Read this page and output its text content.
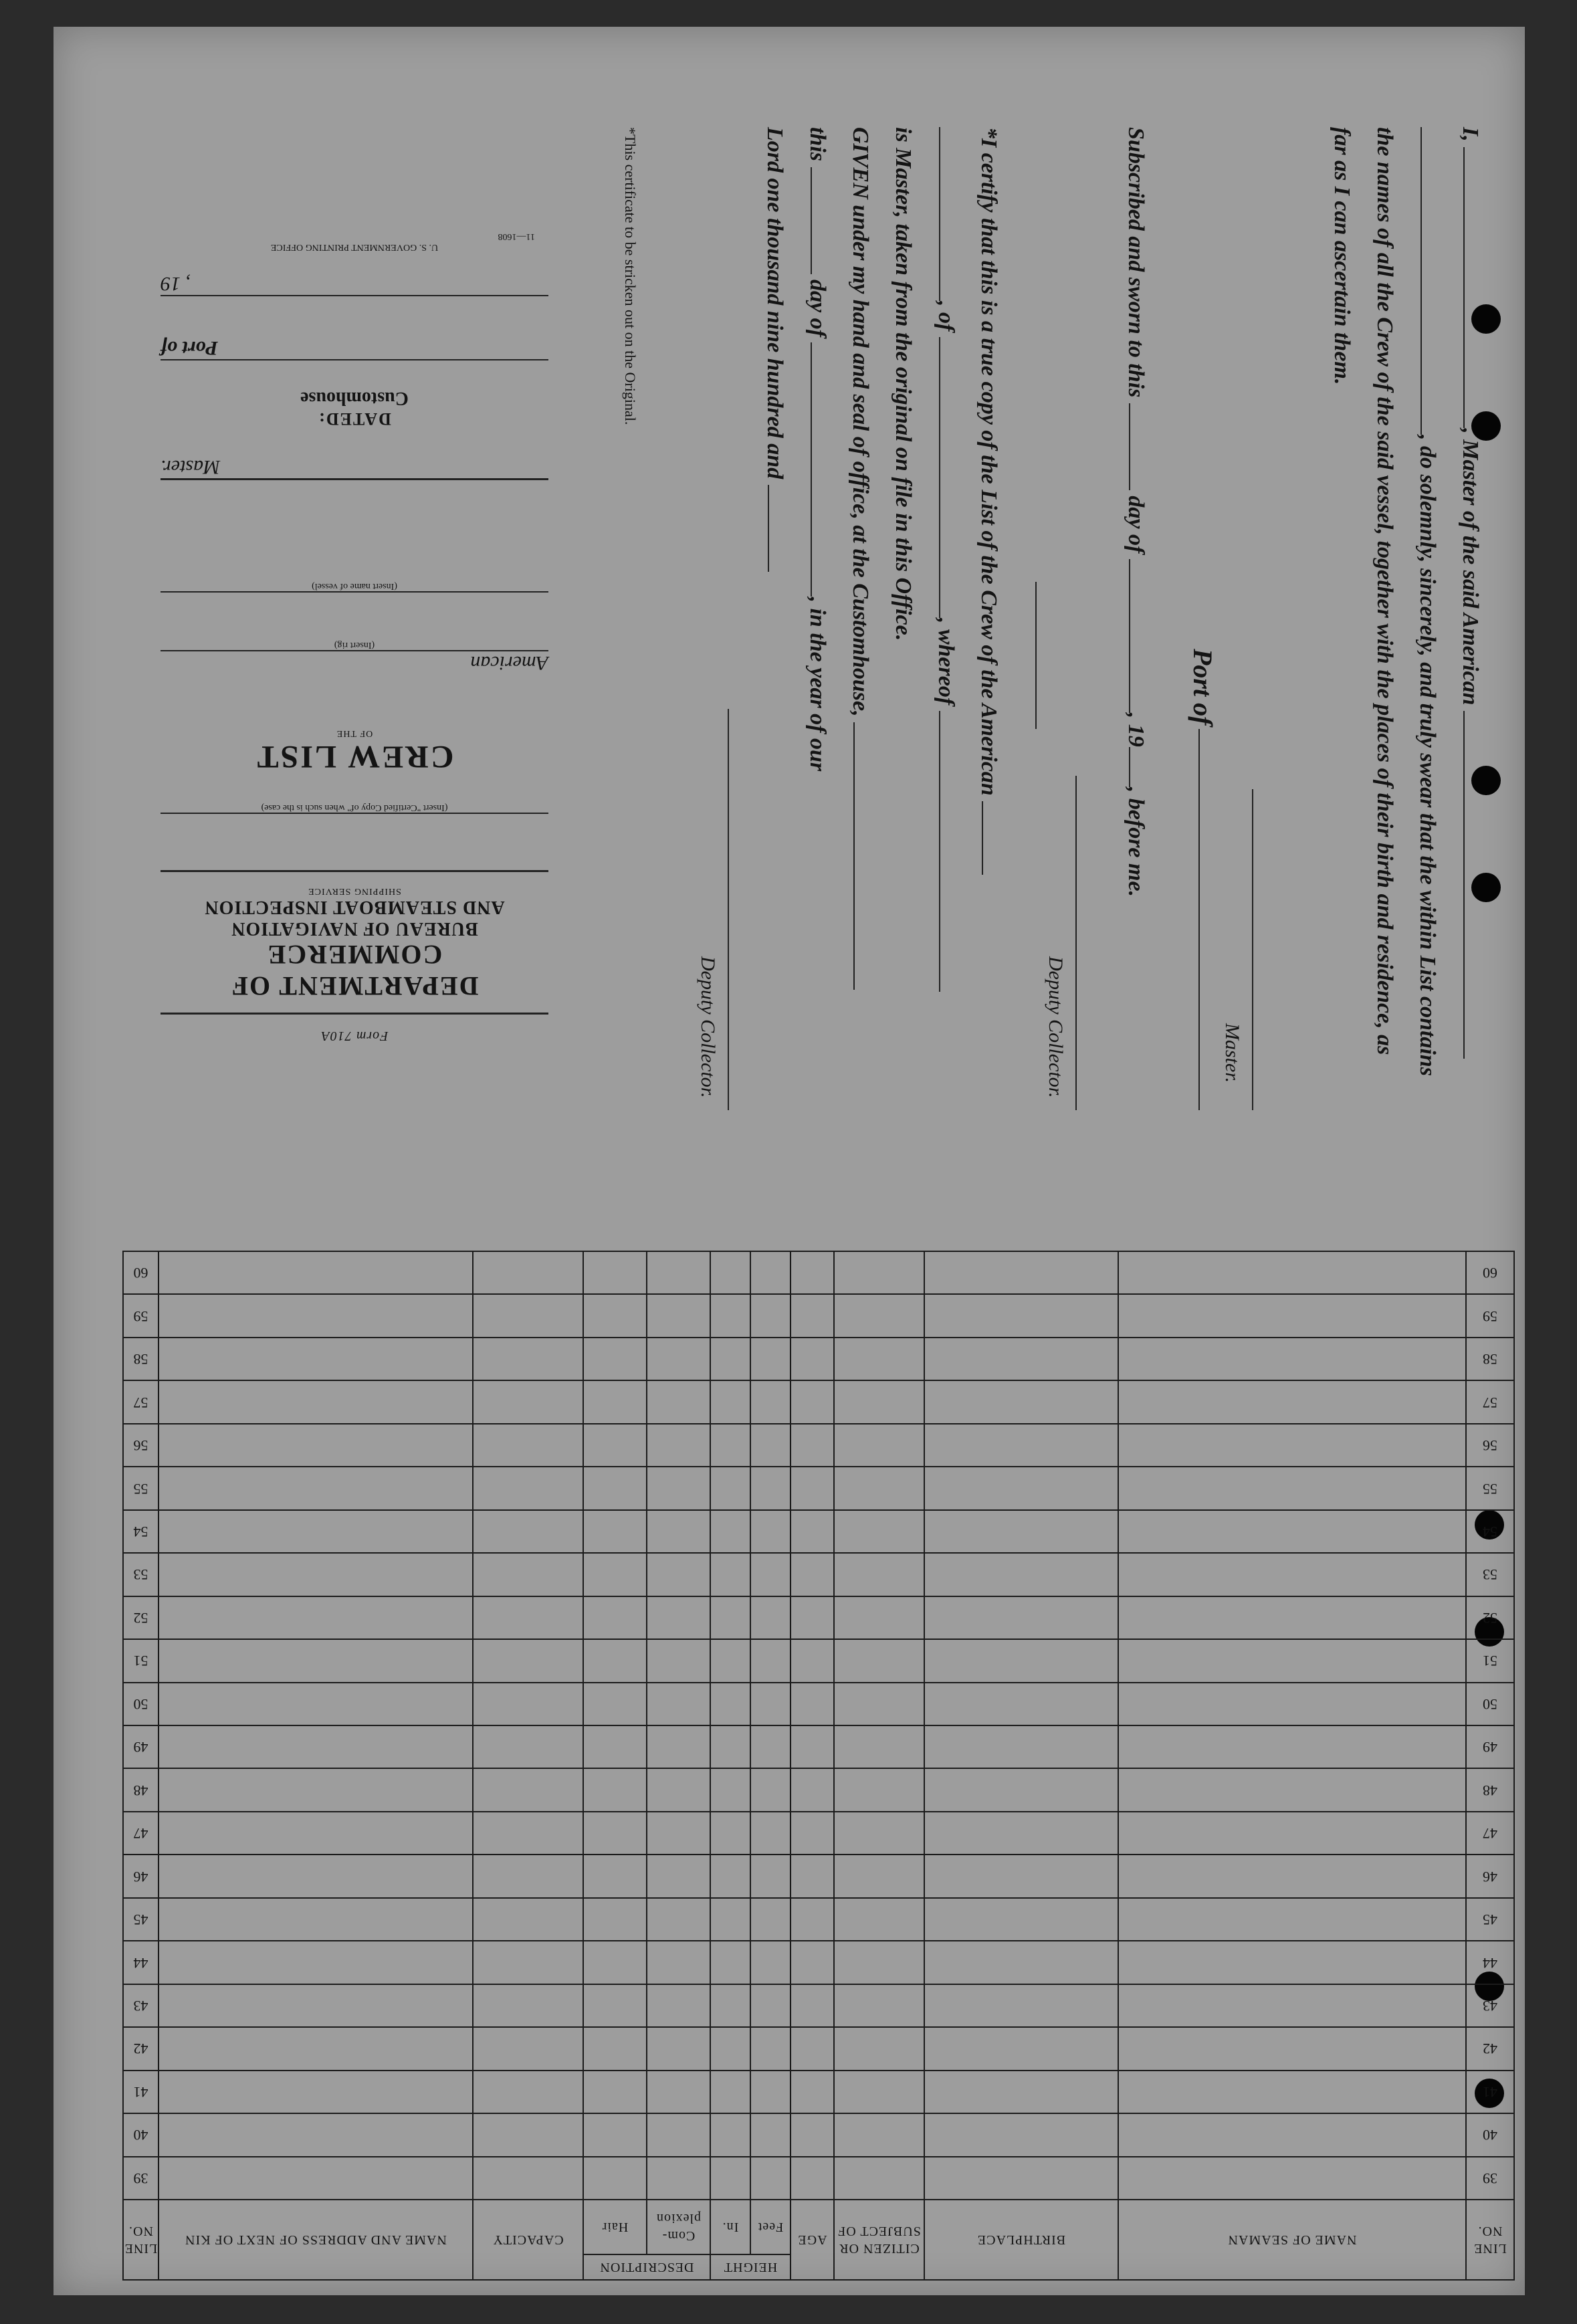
I, , Master of the said American
, do solemnly, sincerely, and truly swear that the within List contains
the names of all the Crew of the said vessel, together with the places of their birth and residence, as
far as I can ascertain them.
Master.
Port of
Subscribed and sworn to this  day of , 19, before me.
Deputy Collector.
*I certify that this is a true copy of the List of the Crew of the American
, of , whereof
is Master, taken from the original on file in this Office.
GIVEN under my hand and seal of office, at the Customhouse,
this  day of , in the year of our
Lord one thousand nine hundred and
Deputy Collector.
*This certificate to be stricken out on the Original.
Form 710A
DEPARTMENT OF COMMERCE
BUREAU OF NAVIGATION
AND STEAMBOAT INSPECTION
SHIPPING SERVICE
(Insert "Certified Copy of" when such is the case)
CREW LIST
OF THE
American
(Insert rig)
(Insert name of vessel)
Master.
DATED:
Customhouse
Port of
, 19
U. S. GOVERNMENT PRINTING OFFICE
11—1608
LINE NO.	NAME OF SEAMAN	BIRTHPLACE	CITIZEN OR SUBJECT OF	AGE	HEIGHT		DESCRIPTION		CAPACITY	NAME AND ADDRESS OF NEXT OF KIN	LINE NO.
					Feet	In.	Com-plexion	Hair			
39											39
40											40
41											41
42											42
43											43
44											44
45											45
46											46
47											47
48											48
49											49
50											50
51											51
52											52
53											53
54											54
55											55
56											56
57											57
58											58
59											59
60											60
